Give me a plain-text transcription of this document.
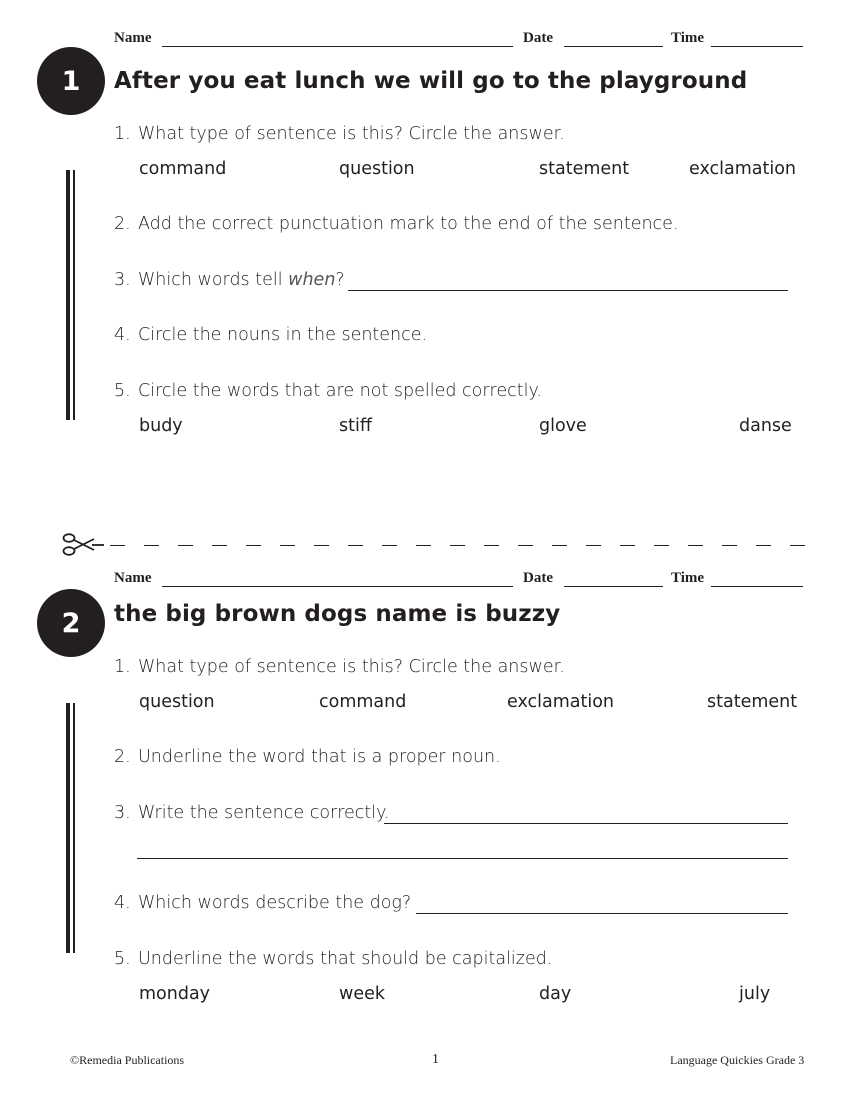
Name	Date	Time
1	After you eat lunch we will go to the playground
1. What type of sentence is this? Circle the answer.
command	question	statement	exclamation
2. Add the correct punctuation mark to the end of the sentence.
3. Which words tell when?
4. Circle the nouns in the sentence.
5. Circle the words that are not spelled correctly.
budy	stiff	glove	danse
Name	Date	Time
2	the big brown dogs name is buzzy
1. What type of sentence is this? Circle the answer.
question	command	exclamation	statement
2. Underline the word that is a proper noun.
3. Write the sentence correctly.
4. Which words describe the dog?
5. Underline the words that should be capitalized.
monday	week	day	july
©Remedia Publications	1	Language Quickies Grade 3
